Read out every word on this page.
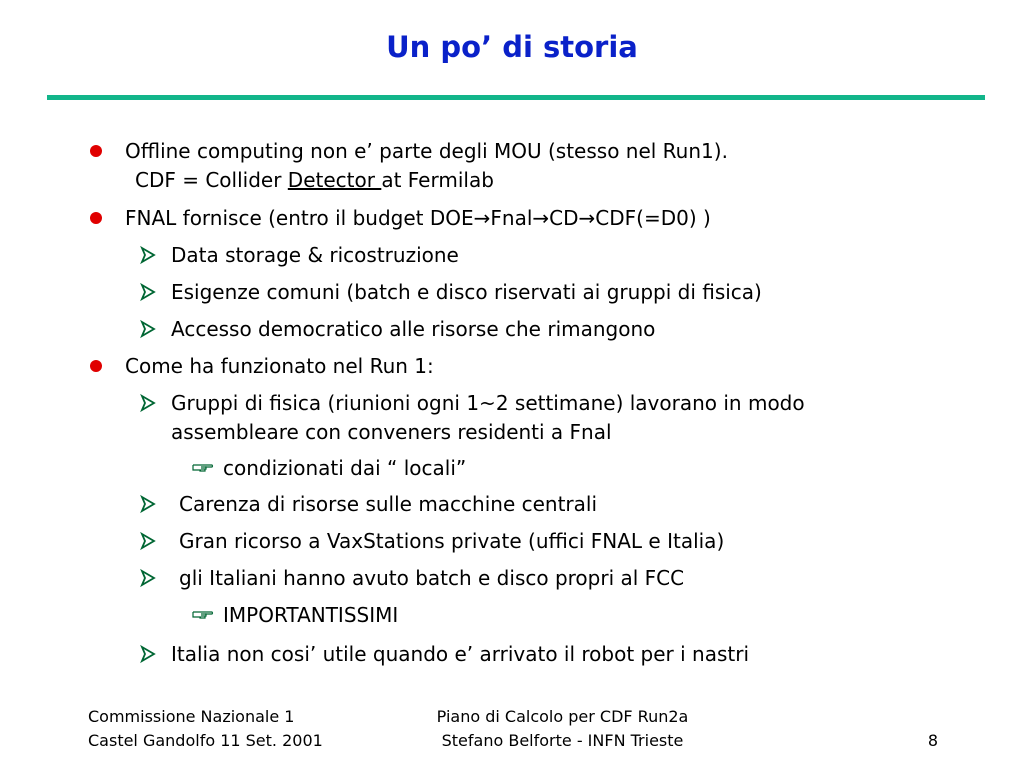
Un po’ di storia
Offline computing non e’ parte degli MOU (stesso nel Run1).
CDF = Collider Detector at Fermilab
FNAL fornisce (entro il budget DOE→Fnal→CD→CDF(=D0) )
Data storage & ricostruzione
Esigenze comuni (batch e disco riservati ai gruppi di fisica)
Accesso democratico alle risorse che rimangono
Come ha funzionato nel Run 1:
Gruppi di fisica (riunioni ogni 1~2 settimane) lavorano in modo
assembleare con conveners residenti a Fnal
condizionati dai “ locali”
Carenza di risorse sulle macchine centrali
Gran ricorso a VaxStations private (uffici FNAL e Italia)
gli Italiani hanno avuto batch e disco propri al FCC
IMPORTANTISSIMI
Italia non cosi’ utile quando e’ arrivato il robot per i nastri
Commissione Nazionale 1
Castel Gandolfo 11 Set. 2001
Piano di Calcolo per CDF Run2a
Stefano Belforte - INFN Trieste	8
